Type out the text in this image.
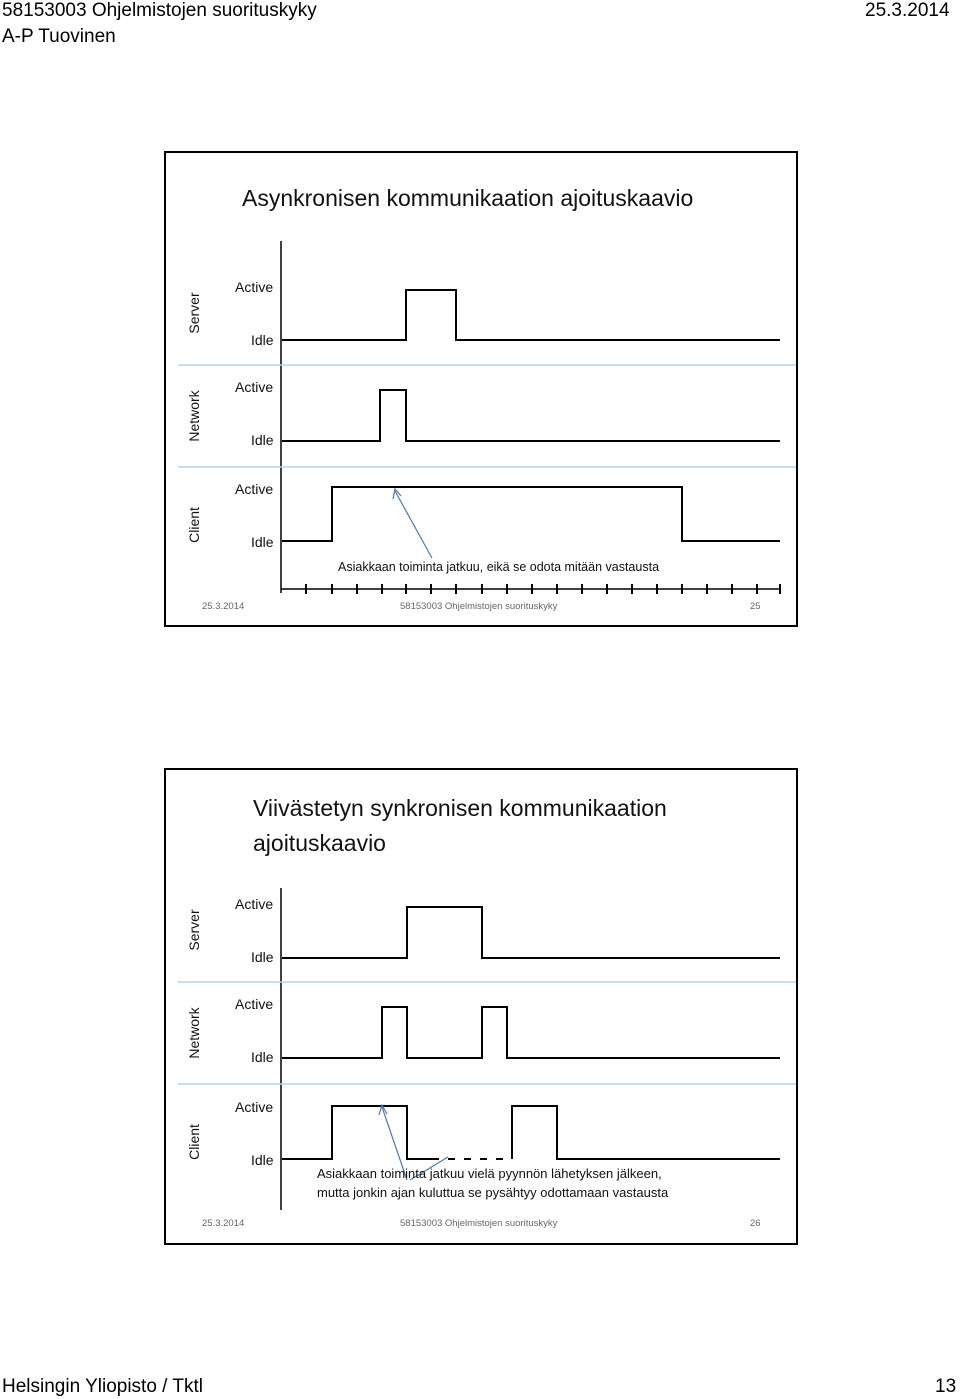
58153003 Ohjelmistojen suorituskyky	25.3.2014
A-P Tuovinen
Asynkronisen kommunikaation ajoituskaavio
Server
Network
Client
Active
Idle
Active
Idle
Active
Idle
Asiakkaan toiminta jatkuu, eikä se odota mitään vastausta
25.3.2014	58153003 Ohjelmistojen suorituskyky	25
Viivästetyn synkronisen kommunikaation ajoituskaavio
Server
Network
Client
Active
Idle
Active
Idle
Active
Idle
Asiakkaan toiminta jatkuu vielä pyynnön lähetyksen jälkeen,
mutta jonkin ajan kuluttua se pysähtyy odottamaan vastausta
25.3.2014	58153003 Ohjelmistojen suorituskyky	26
Helsingin Yliopisto / Tktl	13
